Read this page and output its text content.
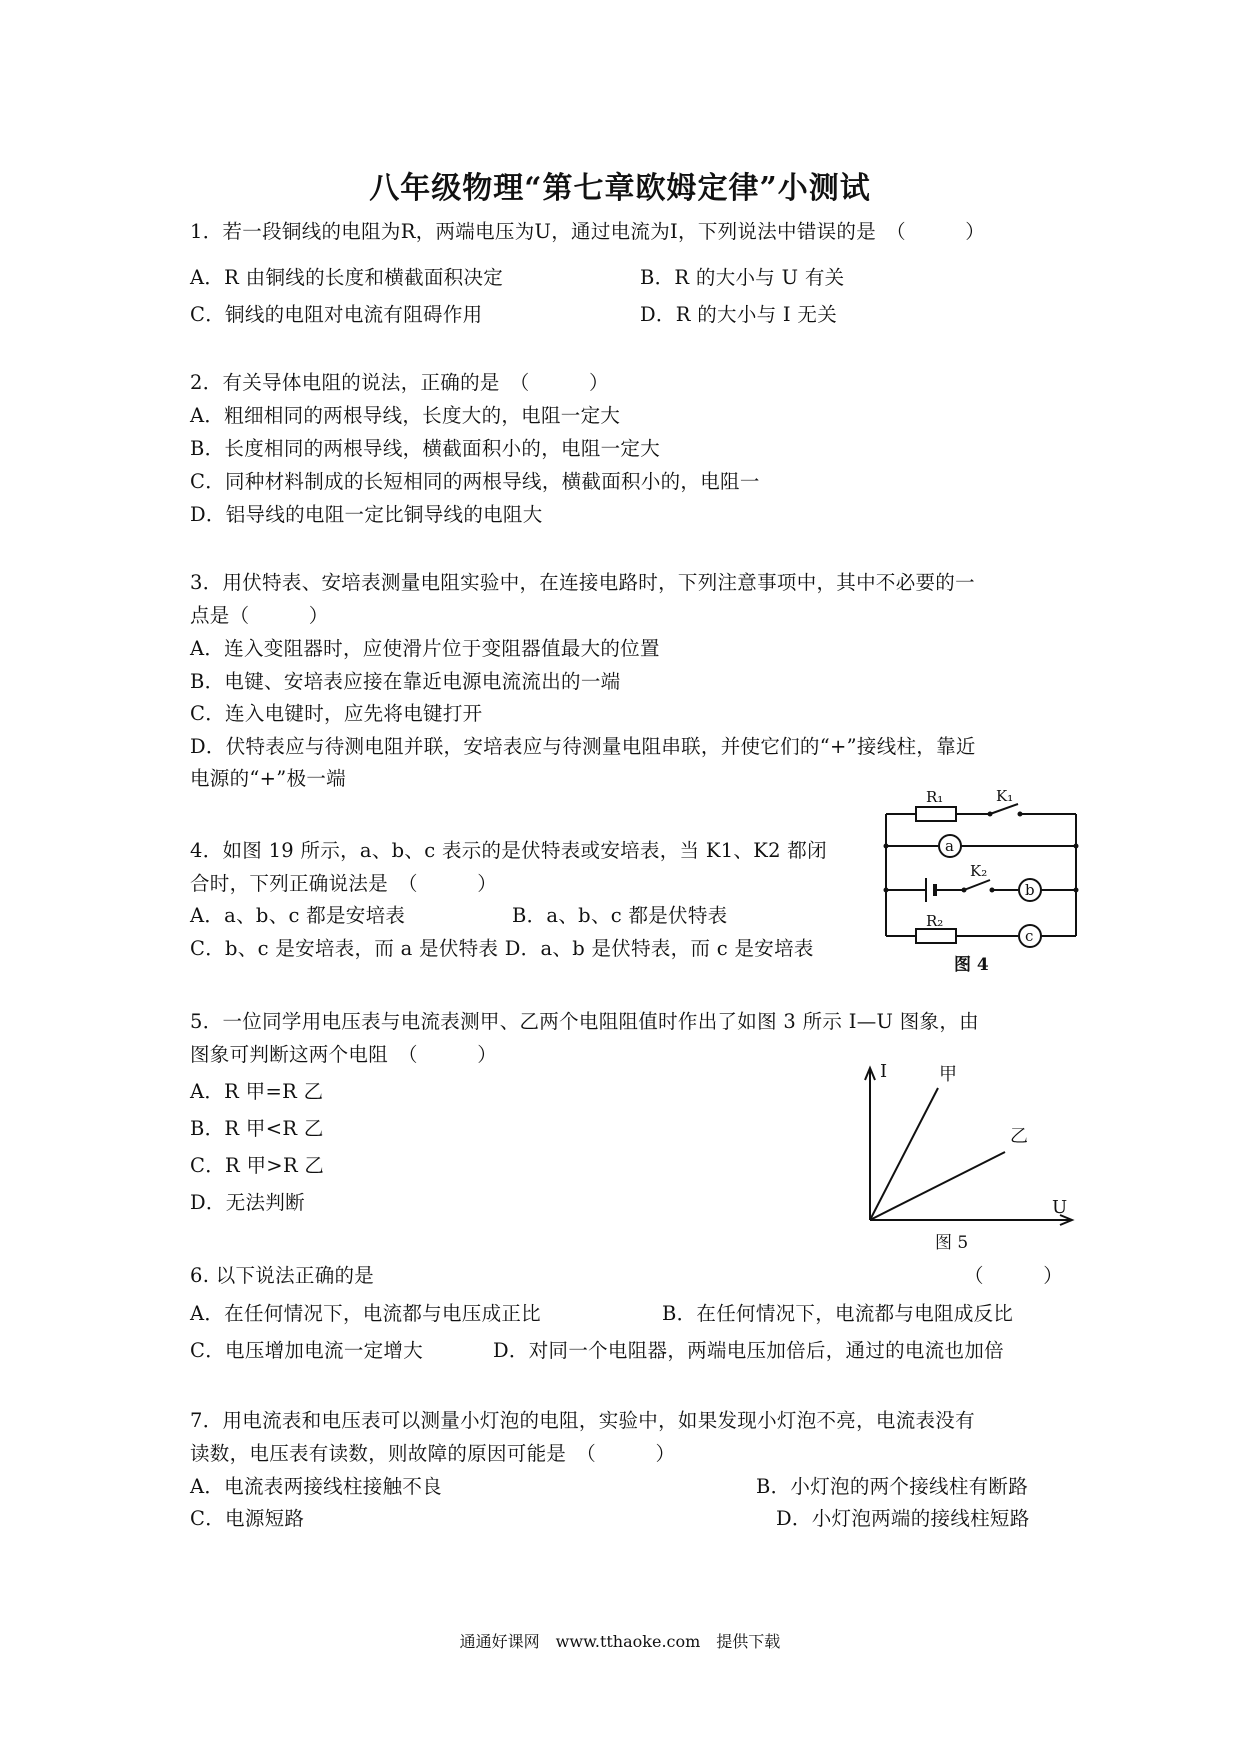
八年级物理“第七章欧姆定律”小测试
1．若一段铜线的电阻为R，两端电压为U，通过电流为I，下列说法中错误的是　（　　　）
A．R 由铜线的长度和横截面积决定	B．R 的大小与 U 有关
C．铜线的电阻对电流有阻碍作用	D．R 的大小与 I 无关
2．有关导体电阻的说法，正确的是　（　　　）
A．粗细相同的两根导线，长度大的，电阻一定大
B．长度相同的两根导线，横截面积小的，电阻一定大
C．同种材料制成的长短相同的两根导线，横截面积小的，电阻一
D．铝导线的电阻一定比铜导线的电阻大
3．用伏特表、安培表测量电阻实验中，在连接电路时，下列注意事项中，其中不必要的一
点是（　　　）
A．连入变阻器时，应使滑片位于变阻器值最大的位置
B．电键、安培表应接在靠近电源电流流出的一端
C．连入电键时，应先将电键打开
D．伏特表应与待测电阻并联，安培表应与待测量电阻串联，并使它们的“+”接线柱，靠近
电源的“+”极一端
4．如图 19 所示，a、b、c 表示的是伏特表或安培表，当 K1、K2 都闭
合时，下列正确说法是　（　　　）
A．a、b、c 都是安培表	B．a、b、c 都是伏特表
C．b、c 是安培表，而 a 是伏特表 D．a、b 是伏特表，而 c 是安培表
R₁	K₁
K₂
R₂
a
b
c
图 4
5．一位同学用电压表与电流表测甲、乙两个电阻阻值时作出了如图 3 所示 I—U 图象，由
图象可判断这两个电阻　（　　　）
A．R 甲=R 乙
B．R 甲<R 乙
C．R 甲>R 乙
D．无法判断
I
U
甲
乙
图 5
6. 以下说法正确的是	（　　　）
A．在任何情况下，电流都与电压成正比	B．在任何情况下，电流都与电阻成反比
C．电压增加电流一定增大	D．对同一个电阻器，两端电压加倍后，通过的电流也加倍
7．用电流表和电压表可以测量小灯泡的电阻，实验中，如果发现小灯泡不亮，电流表没有
读数，电压表有读数，则故障的原因可能是　（　　　）
A．电流表两接线柱接触不良	B．小灯泡的两个接线柱有断路
C．电源短路	D．小灯泡两端的接线柱短路
通通好课网　www.tthaoke.com　提供下载
